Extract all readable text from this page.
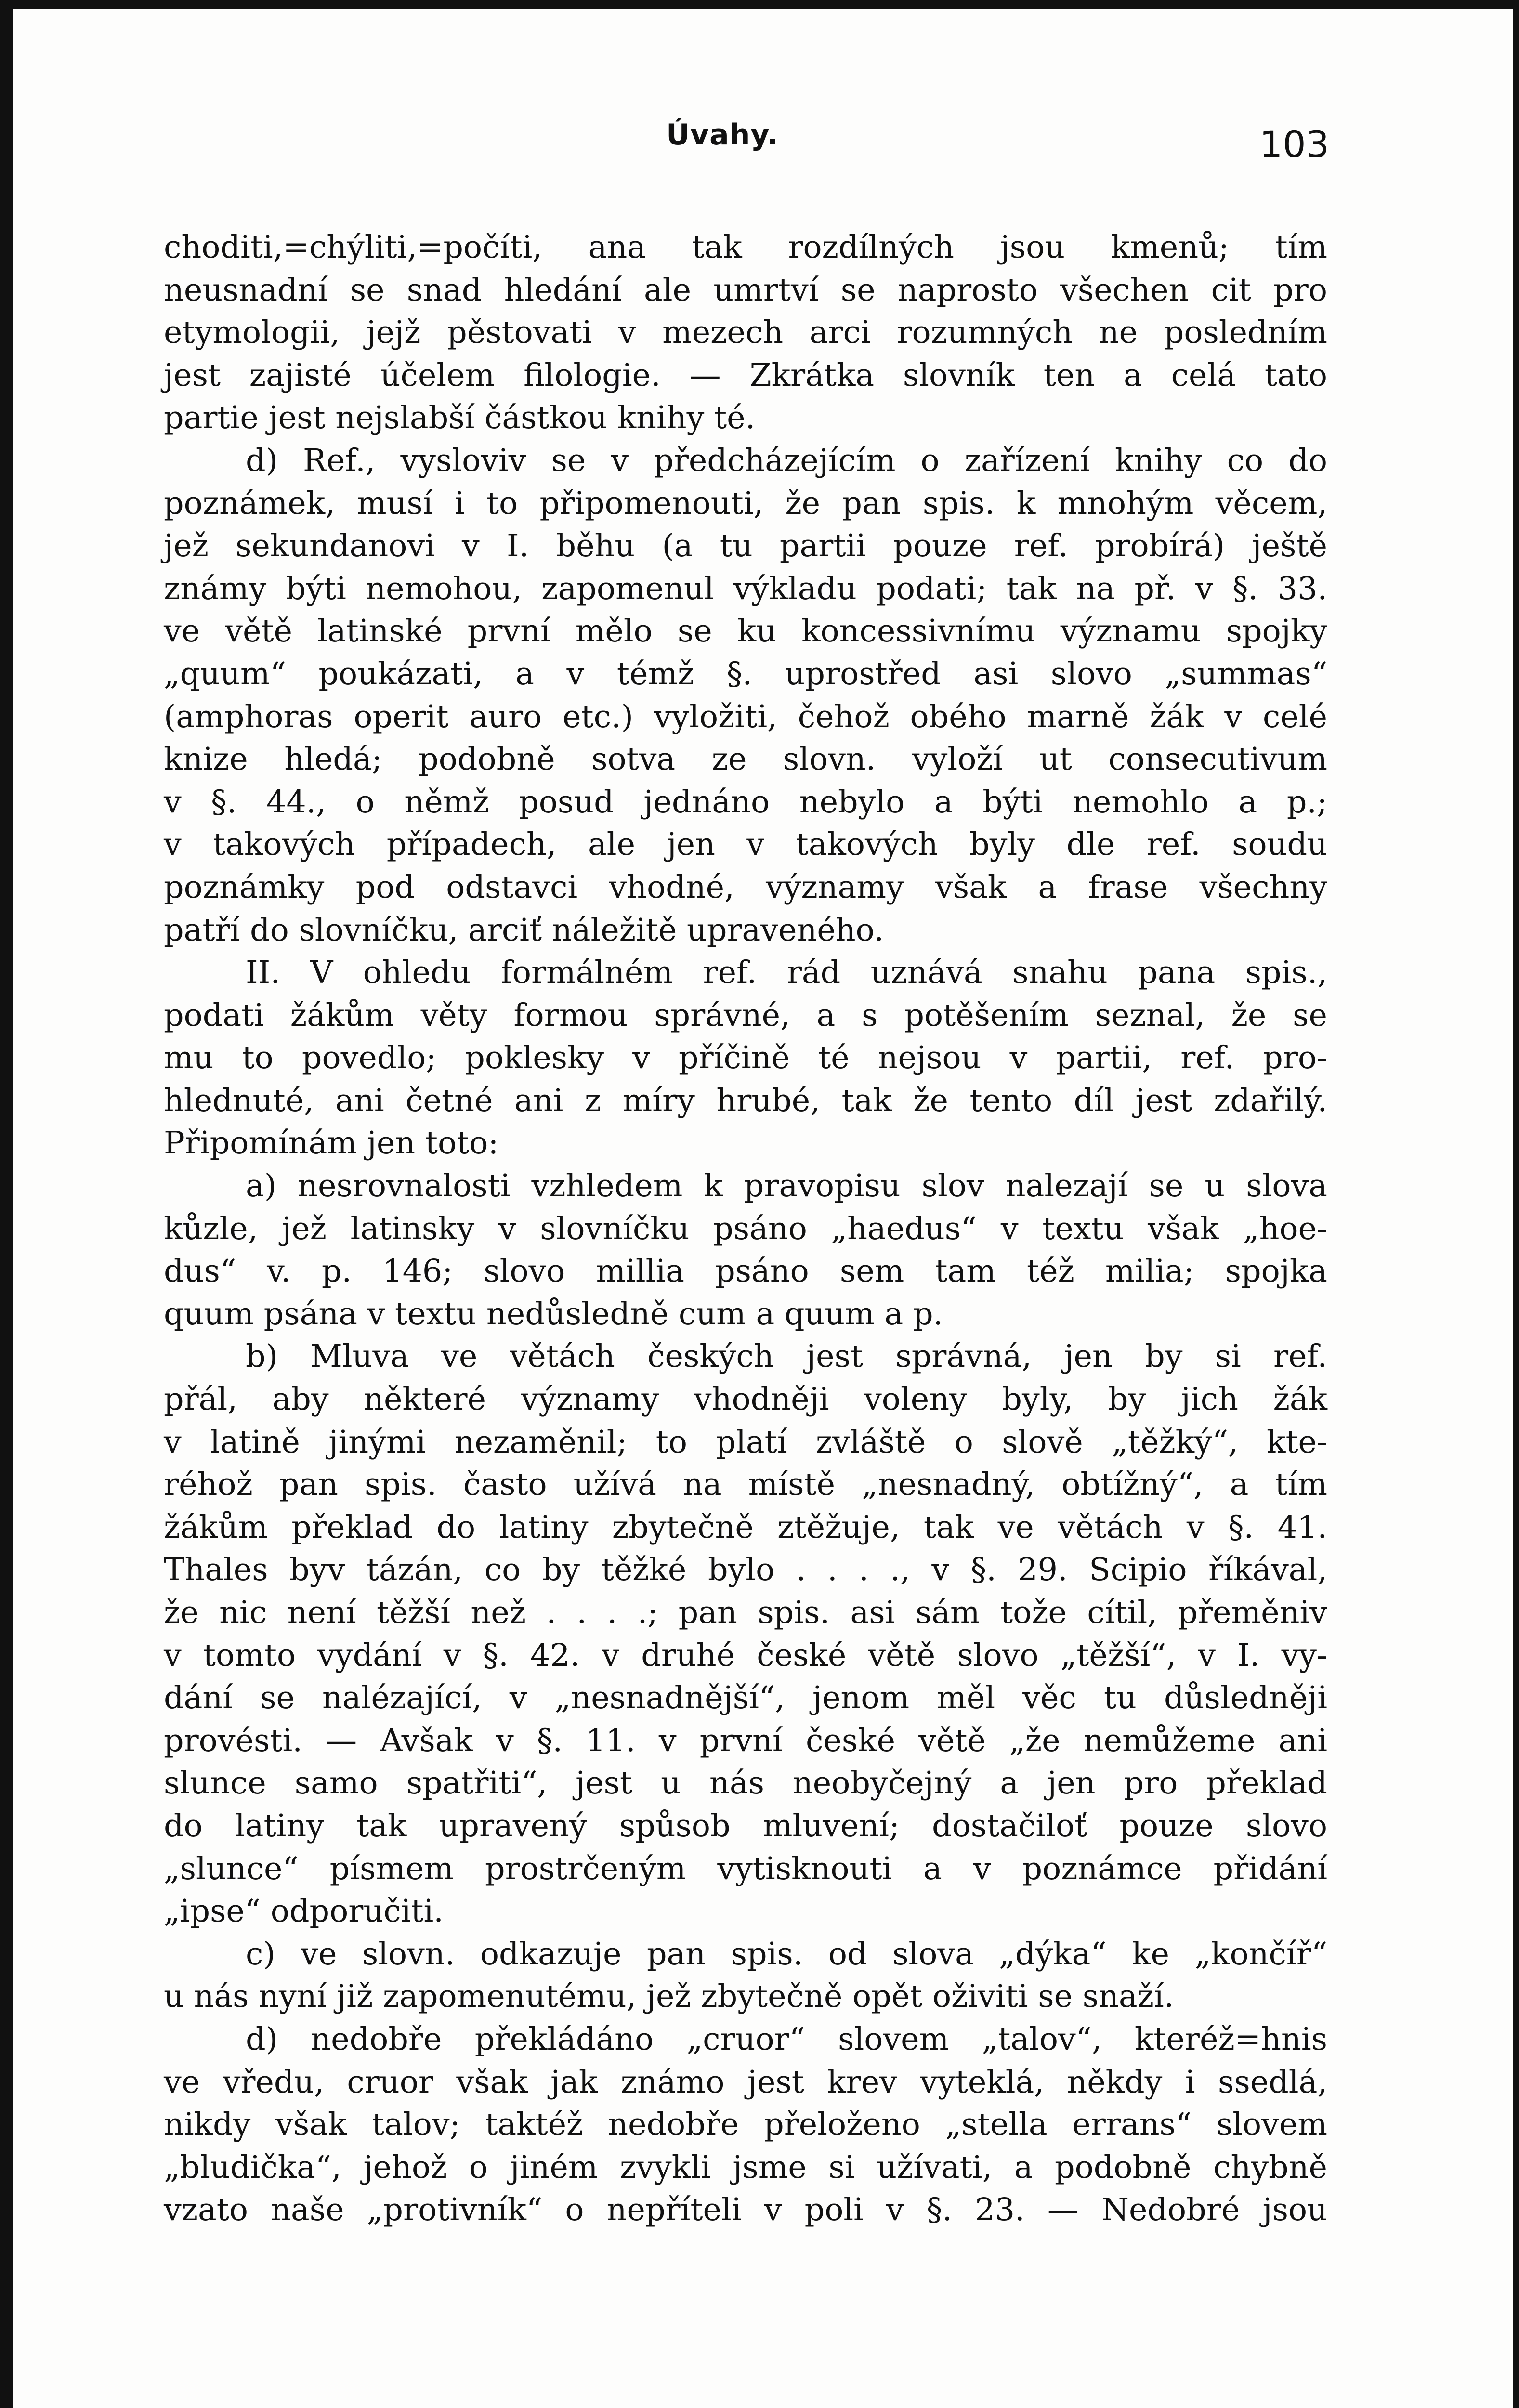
Úvahy.	103
choditi,=chýliti,=počíti, ana tak rozdílných jsou kmenů; tím
neusnadní se snad hledání ale umrtví se naprosto všechen cit pro
etymologii, jejž pěstovati v mezech arci rozumných ne posledním
jest zajisté účelem filologie. — Zkrátka slovník ten a celá tato
partie jest nejslabší částkou knihy té.
d) Ref., vysloviv se v předcházejícím o zařízení knihy co do
poznámek, musí i to připomenouti, že pan spis. k mnohým věcem,
jež sekundanovi v I. běhu (a tu partii pouze ref. probírá) ještě
známy býti nemohou, zapomenul výkladu podati; tak na př. v §. 33.
ve větě latinské první mělo se ku koncessivnímu významu spojky
„quum“ poukázati, a v témž §. uprostřed asi slovo „summas“
(amphoras operit auro etc.) vyložiti, čehož obého marně žák v celé
knize hledá; podobně sotva ze slovn. vyloží ut consecutivum
v §. 44., o němž posud jednáno nebylo a býti nemohlo a p.;
v takových případech, ale jen v takových byly dle ref. soudu
poznámky pod odstavci vhodné, významy však a frase všechny
patří do slovníčku, arciť náležitě upraveného.
II. V ohledu formálném ref. rád uznává snahu pana spis.,
podati žákům věty formou správné, a s potěšením seznal, že se
mu to povedlo; poklesky v příčině té nejsou v partii, ref. pro-
hlednuté, ani četné ani z míry hrubé, tak že tento díl jest zdařilý.
Připomínám jen toto:
a) nesrovnalosti vzhledem k pravopisu slov nalezají se u slova
kůzle, jež latinsky v slovníčku psáno „haedus“ v textu však „hoe-
dus“ v. p. 146; slovo millia psáno sem tam též milia; spojka
quum psána v textu nedůsledně cum a quum a p.
b) Mluva ve větách českých jest správná, jen by si ref.
přál, aby některé významy vhodněji voleny byly, by jich žák
v latině jinými nezaměnil; to platí zvláště o slově „těžký“, kte-
réhož pan spis. často užívá na místě „nesnadný, obtížný“, a tím
žákům překlad do latiny zbytečně ztěžuje, tak ve větách v §. 41.
Thales byv tázán, co by těžké bylo . . . ., v §. 29. Scipio říkával,
že nic není těžší než . . . .; pan spis. asi sám tože cítil, přeměniv
v tomto vydání v §. 42. v druhé české větě slovo „těžší“, v I. vy-
dání se nalézající, v „nesnadnější“, jenom měl věc tu důsledněji
provésti. — Avšak v §. 11. v první české větě „že nemůžeme ani
slunce samo spatřiti“, jest u nás neobyčejný a jen pro překlad
do latiny tak upravený spůsob mluvení; dostačiloť pouze slovo
„slunce“ písmem prostrčeným vytisknouti a v poznámce přidání
„ipse“ odporučiti.
c) ve slovn. odkazuje pan spis. od slova „dýka“ ke „končíř“
u nás nyní již zapomenutému, jež zbytečně opět oživiti se snaží.
d) nedobře překládáno „cruor“ slovem „talov“, kteréž=hnis
ve vředu, cruor však jak známo jest krev vyteklá, někdy i ssedlá,
nikdy však talov; taktéž nedobře přeloženo „stella errans“ slovem
„bludička“, jehož o jiném zvykli jsme si užívati, a podobně chybně
vzato naše „protivník“ o nepříteli v poli v §. 23. — Nedobré jsou
